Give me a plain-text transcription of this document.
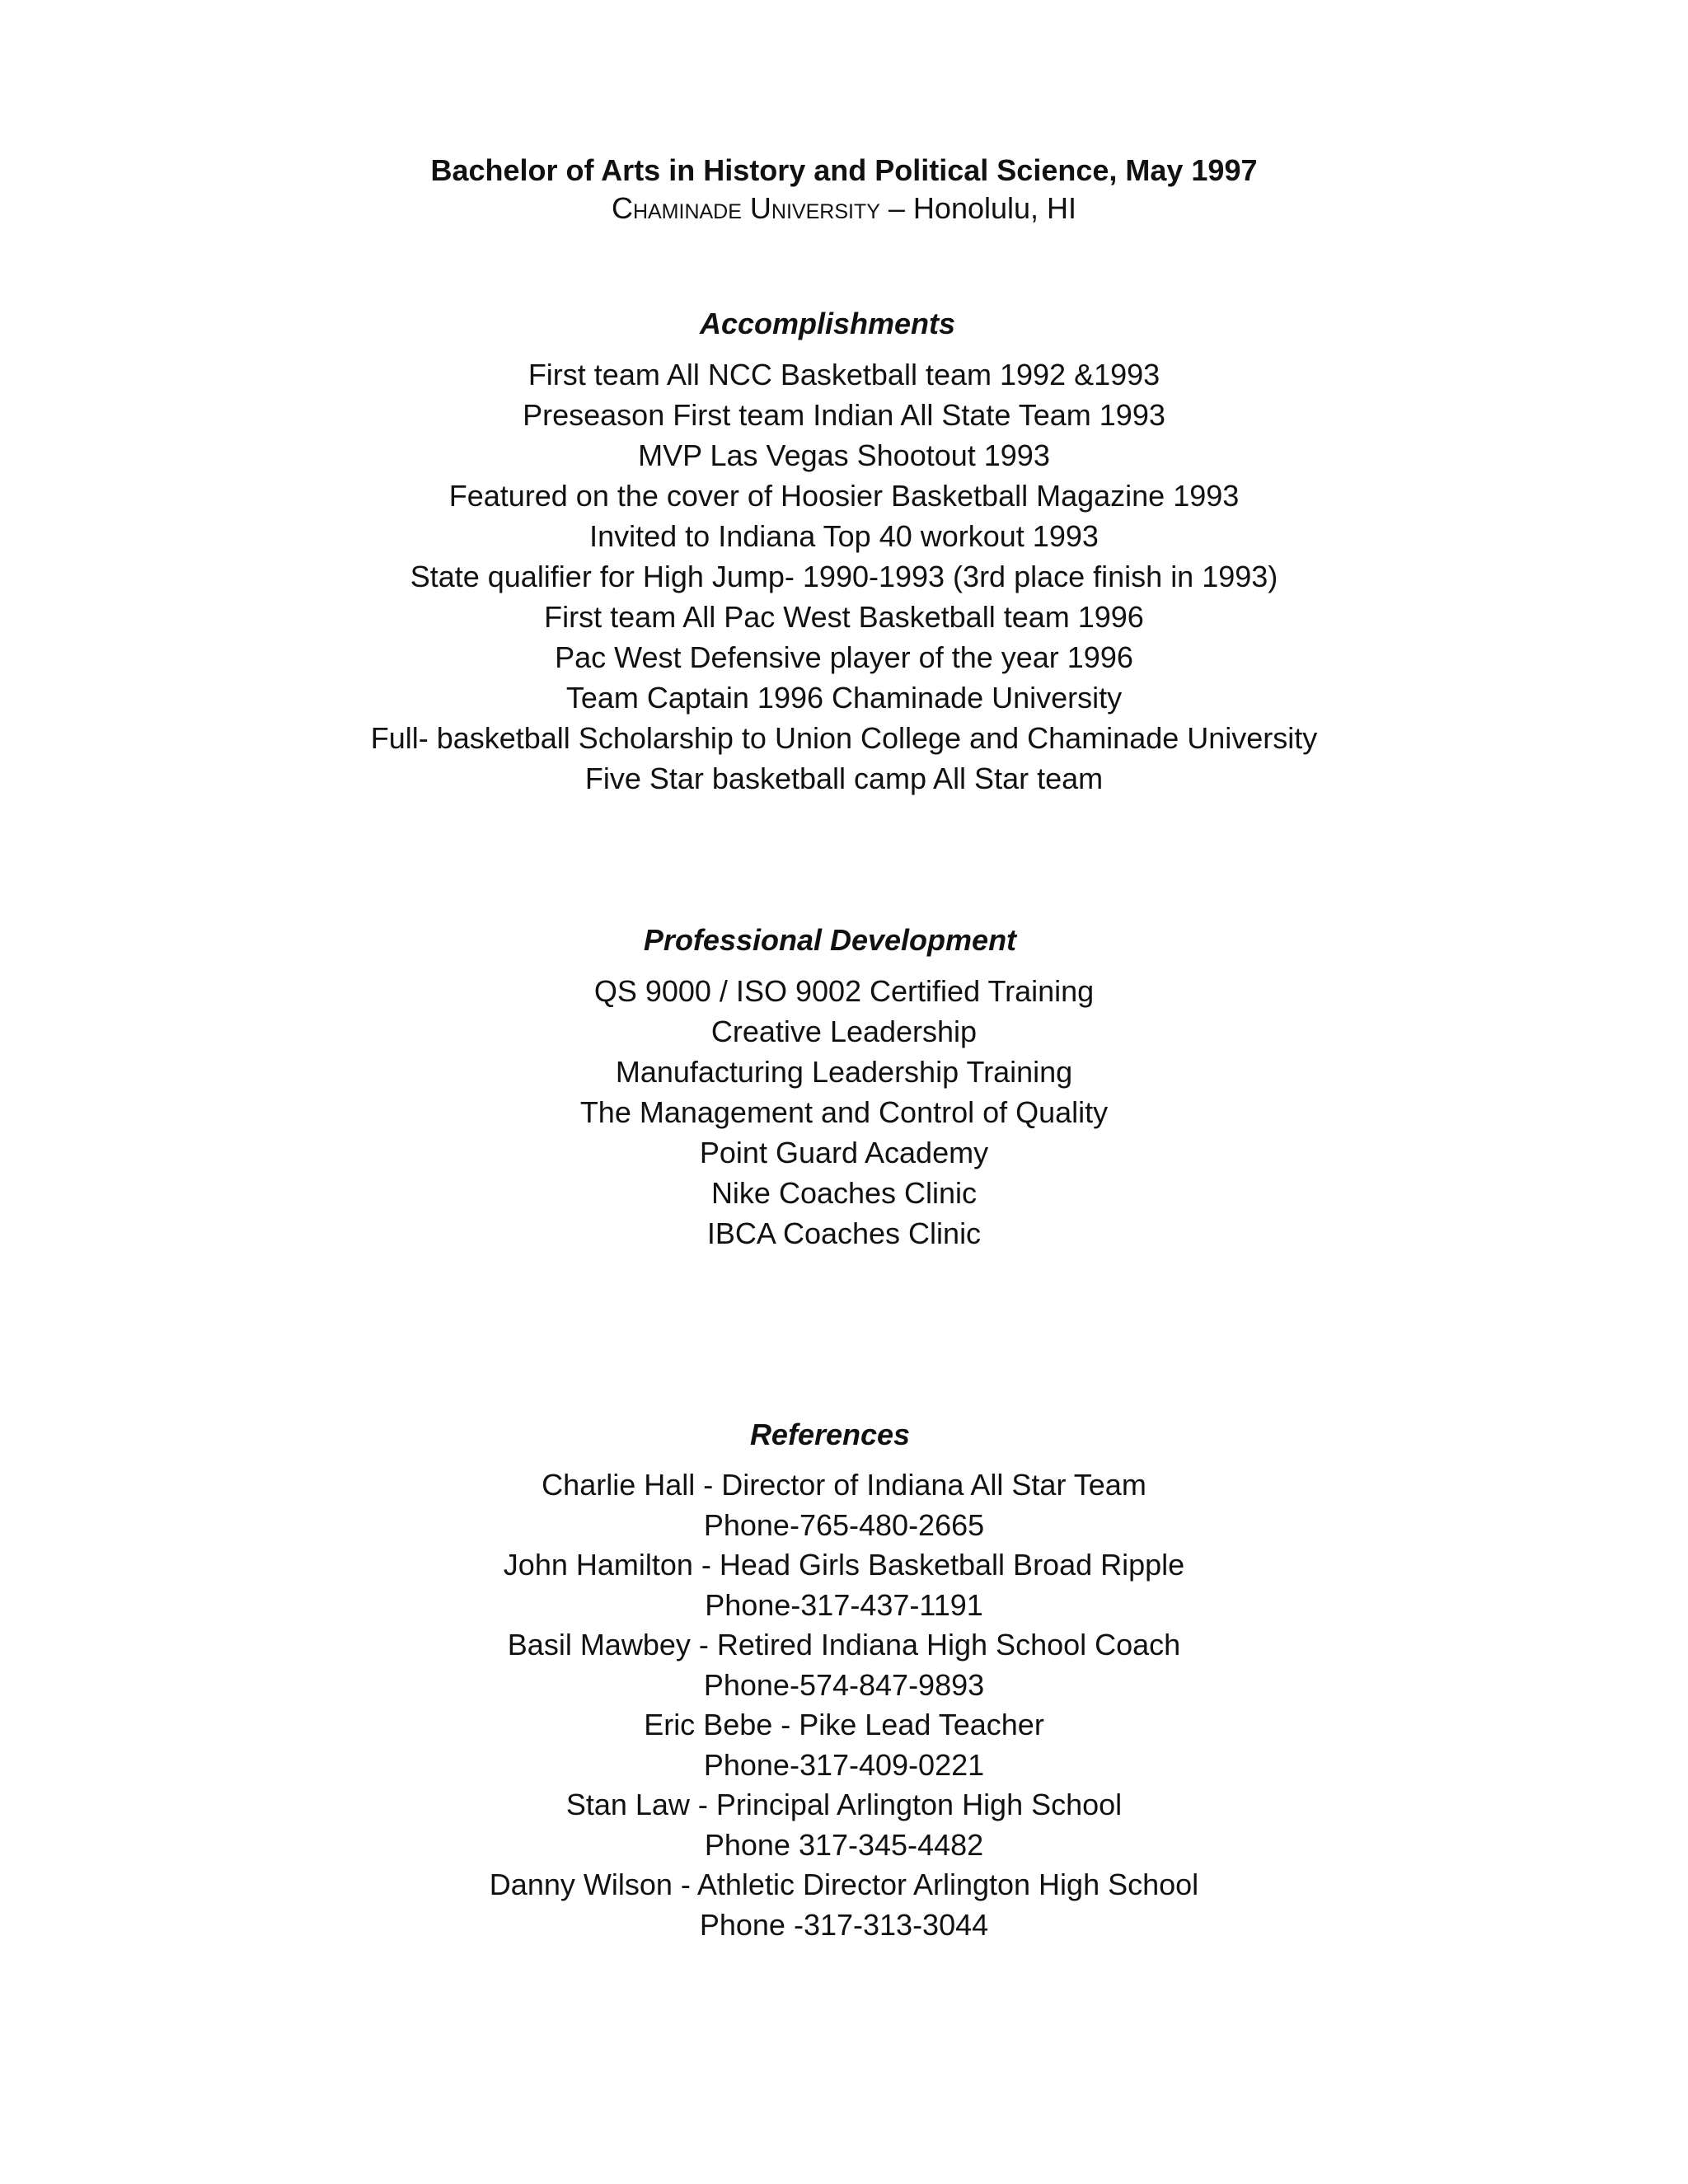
Bachelor of Arts in History and Political Science, May 1997

Chaminade University – Honolulu, HI

Accomplishments

First team All NCC Basketball team 1992 &1993

Preseason First team Indian All State Team 1993

MVP Las Vegas Shootout 1993

Featured on the cover of Hoosier Basketball Magazine 1993

Invited to Indiana Top 40 workout 1993

State qualifier for High Jump- 1990-1993 (3rd place finish in 1993)

First team All Pac West Basketball team 1996

Pac West Defensive player of the year 1996

Team Captain 1996 Chaminade University

Full- basketball Scholarship to Union College and Chaminade University

Five Star basketball camp All Star team

Professional Development

QS 9000 / ISO 9002 Certified Training

Creative Leadership

Manufacturing Leadership Training

The Management and Control of Quality

Point Guard Academy

Nike Coaches Clinic

IBCA Coaches Clinic

References

Charlie Hall - Director of Indiana All Star Team

Phone-765-480-2665

John Hamilton - Head Girls Basketball Broad Ripple

Phone-317-437-1191

Basil Mawbey - Retired Indiana High School Coach

Phone-574-847-9893

Eric Bebe - Pike Lead Teacher

Phone-317-409-0221

Stan Law - Principal Arlington High School

Phone 317-345-4482

Danny Wilson - Athletic Director Arlington High School

Phone -317-313-3044
